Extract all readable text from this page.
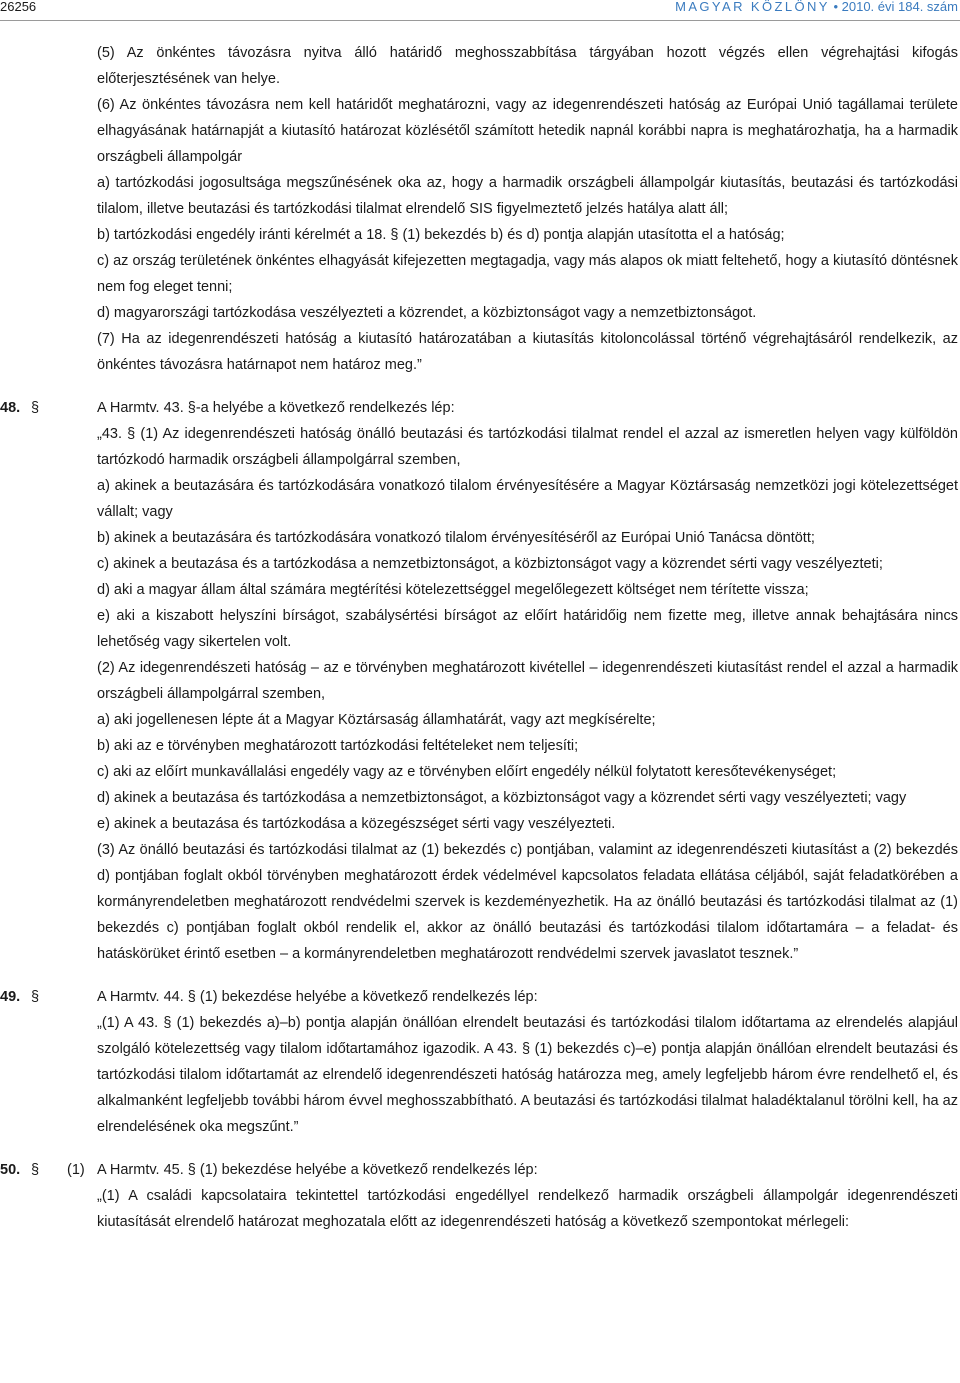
26256	MAGYAR KÖZLÖNY • 2010. évi 184. szám
(5) Az önkéntes távozásra nyitva álló határidő meghosszabbítása tárgyában hozott végzés ellen végrehajtási kifogás előterjesztésének van helye.
(6) Az önkéntes távozásra nem kell határidőt meghatározni, vagy az idegenrendészeti hatóság az Európai Unió tagállamai területe elhagyásának határnapját a kiutasító határozat közlésétől számított hetedik napnál korábbi napra is meghatározhatja, ha a harmadik országbeli állampolgár
a) tartózkodási jogosultsága megszűnésének oka az, hogy a harmadik országbeli állampolgár kiutasítás, beutazási és tartózkodási tilalom, illetve beutazási és tartózkodási tilalmat elrendelő SIS figyelmeztető jelzés hatálya alatt áll;
b) tartózkodási engedély iránti kérelmét a 18. § (1) bekezdés b) és d) pontja alapján utasította el a hatóság;
c) az ország területének önkéntes elhagyását kifejezetten megtagadja, vagy más alapos ok miatt feltehető, hogy a kiutasító döntésnek nem fog eleget tenni;
d) magyarországi tartózkodása veszélyezteti a közrendet, a közbiztonságot vagy a nemzetbiztonságot.
(7) Ha az idegenrendészeti hatóság a kiutasító határozatában a kiutasítás kitoloncolással történő végrehajtásáról rendelkezik, az önkéntes távozásra határnapot nem határoz meg.”
48. §	A Harmtv. 43. §-a helyébe a következő rendelkezés lép:
„43. § (1) Az idegenrendészeti hatóság önálló beutazási és tartózkodási tilalmat rendel el azzal az ismeretlen helyen vagy külföldön tartózkodó harmadik országbeli állampolgárral szemben,
a) akinek a beutazására és tartózkodására vonatkozó tilalom érvényesítésére a Magyar Köztársaság nemzetközi jogi kötelezettséget vállalt; vagy
b) akinek a beutazására és tartózkodására vonatkozó tilalom érvényesítéséről az Európai Unió Tanácsa döntött;
c) akinek a beutazása és a tartózkodása a nemzetbiztonságot, a közbiztonságot vagy a közrendet sérti vagy veszélyezteti;
d) aki a magyar állam által számára megtérítési kötelezettséggel megelőlegezett költséget nem térítette vissza;
e) aki a kiszabott helyszíni bírságot, szabálysértési bírságot az előírt határidőig nem fizette meg, illetve annak behajtására nincs lehetőség vagy sikertelen volt.
(2) Az idegenrendészeti hatóság – az e törvényben meghatározott kivétellel – idegenrendészeti kiutasítást rendel el azzal a harmadik országbeli állampolgárral szemben,
a) aki jogellenesen lépte át a Magyar Köztársaság államhatárát, vagy azt megkísérelte;
b) aki az e törvényben meghatározott tartózkodási feltételeket nem teljesíti;
c) aki az előírt munkavállalási engedély vagy az e törvényben előírt engedély nélkül folytatott keresőtevékenységet;
d) akinek a beutazása és tartózkodása a nemzetbiztonságot, a közbiztonságot vagy a közrendet sérti vagy veszélyezteti; vagy
e) akinek a beutazása és tartózkodása a közegészséget sérti vagy veszélyezteti.
(3) Az önálló beutazási és tartózkodási tilalmat az (1) bekezdés c) pontjában, valamint az idegenrendészeti kiutasítást a (2) bekezdés d) pontjában foglalt okból törvényben meghatározott érdek védelmével kapcsolatos feladata ellátása céljából, saját feladatkörében a kormányrendeletben meghatározott rendvédelmi szervek is kezdeményezhetik. Ha az önálló beutazási és tartózkodási tilalmat az (1) bekezdés c) pontjában foglalt okból rendelik el, akkor az önálló beutazási és tartózkodási tilalom időtartamára – a feladat- és hatáskörüket érintő esetben – a kormányrendeletben meghatározott rendvédelmi szervek javaslatot tesznek.”
49. §	A Harmtv. 44. § (1) bekezdése helyébe a következő rendelkezés lép:
„(1) A 43. § (1) bekezdés a)–b) pontja alapján önállóan elrendelt beutazási és tartózkodási tilalom időtartama az elrendelés alapjául szolgáló kötelezettség vagy tilalom időtartamához igazodik. A 43. § (1) bekezdés c)–e) pontja alapján önállóan elrendelt beutazási és tartózkodási tilalom időtartamát az elrendelő idegenrendészeti hatóság határozza meg, amely legfeljebb három évre rendelhető el, és alkalmanként legfeljebb további három évvel meghosszabbítható. A beutazási és tartózkodási tilalmat haladéktalanul törölni kell, ha az elrendelésének oka megszűnt.”
50. § (1) A Harmtv. 45. § (1) bekezdése helyébe a következő rendelkezés lép:
„(1) A családi kapcsolataira tekintettel tartózkodási engedéllyel rendelkező harmadik országbeli állampolgár idegenrendészeti kiutasítását elrendelő határozat meghozatala előtt az idegenrendészeti hatóság a következő szempontokat mérlegeli:
